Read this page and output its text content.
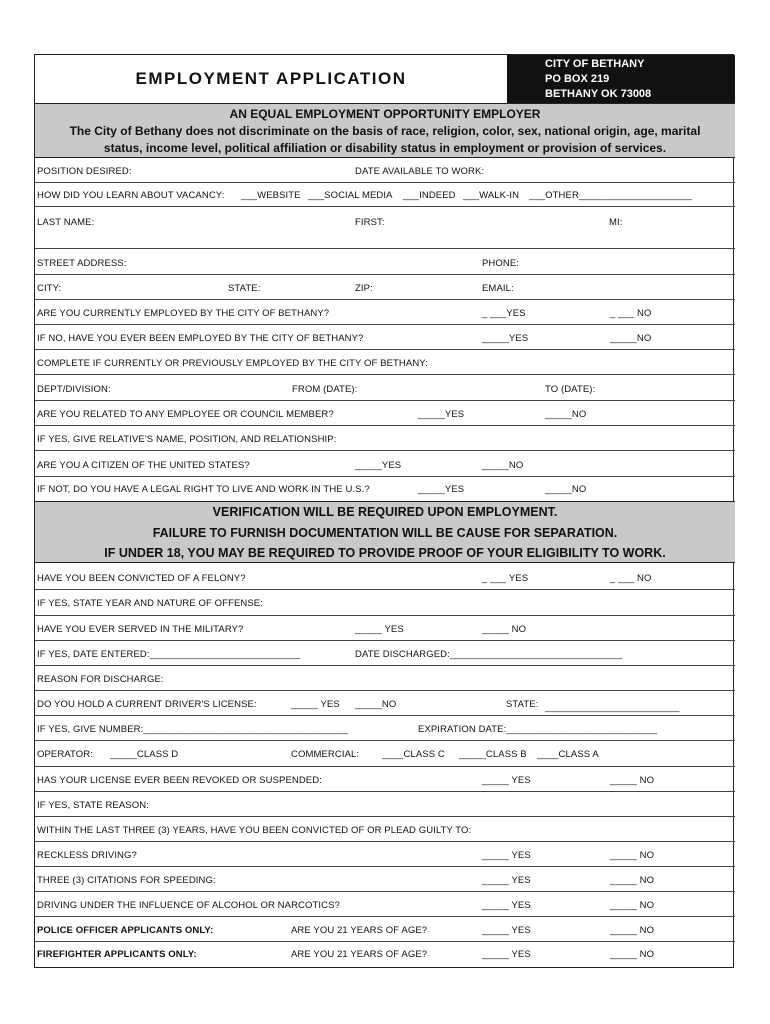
EMPLOYMENT APPLICATION
CITY OF BETHANY
PO BOX 219
BETHANY OK 73008
AN EQUAL EMPLOYMENT OPPORTUNITY EMPLOYER
The City of Bethany does not discriminate on the basis of race, religion, color, sex, national origin, age, marital
status, income level, political affiliation or disability status in employment or provision of services.
POSITION DESIRED:	DATE AVAILABLE TO WORK:
HOW DID YOU LEARN ABOUT VACANCY: ___WEBSITE ___SOCIAL MEDIA ___INDEED ___WALK-IN ___OTHER_____________________
LAST NAME:	FIRST:	MI:
STREET ADDRESS:	PHONE:
CITY:	STATE:	ZIP:	EMAIL:
ARE YOU CURRENTLY EMPLOYED BY THE CITY OF BETHANY?	_ ___YES	_ ___ NO
IF NO, HAVE YOU EVER BEEN EMPLOYED BY THE CITY OF BETHANY?	_____YES	_____NO
COMPLETE IF CURRENTLY OR PREVIOUSLY EMPLOYED BY THE CITY OF BETHANY:
DEPT/DIVISION:	FROM (DATE):	TO (DATE):
ARE YOU RELATED TO ANY EMPLOYEE OR COUNCIL MEMBER?	_____YES	_____NO
IF YES, GIVE RELATIVE'S NAME, POSITION, AND RELATIONSHIP:
ARE YOU A CITIZEN OF THE UNITED STATES?	_____YES	_____NO
IF NOT, DO YOU HAVE A LEGAL RIGHT TO LIVE AND WORK IN THE U.S.?	_____YES	_____NO
VERIFICATION WILL BE REQUIRED UPON EMPLOYMENT.
FAILURE TO FURNISH DOCUMENTATION WILL BE CAUSE FOR SEPARATION.
IF UNDER 18, YOU MAY BE REQUIRED TO PROVIDE PROOF OF YOUR ELIGIBILITY TO WORK.
HAVE YOU BEEN CONVICTED OF A FELONY?	_ ___ YES	_ ___ NO
IF YES, STATE YEAR AND NATURE OF OFFENSE:
HAVE YOU EVER SERVED IN THE MILITARY?	_____ YES	_____ NO
IF YES, DATE ENTERED:____________________________	DATE DISCHARGED:________________________________
REASON FOR DISCHARGE:
DO YOU HOLD A CURRENT DRIVER'S LICENSE:	_____ YES _____NO	STATE: _________________________
IF YES, GIVE NUMBER:______________________________________	EXPIRATION DATE:____________________________
OPERATOR: _____CLASS D	COMMERCIAL: ____CLASS C _____CLASS B ____CLASS A
HAS YOUR LICENSE EVER BEEN REVOKED OR SUSPENDED:	_____ YES	_____ NO
IF YES, STATE REASON:
WITHIN THE LAST THREE (3) YEARS, HAVE YOU BEEN CONVICTED OF OR PLEAD GUILTY TO:
RECKLESS DRIVING?	_____ YES	_____ NO
THREE (3) CITATIONS FOR SPEEDING:	_____ YES	_____ NO
DRIVING UNDER THE INFLUENCE OF ALCOHOL OR NARCOTICS?	_____ YES	_____ NO
POLICE OFFICER APPLICANTS ONLY:	ARE YOU 21 YEARS OF AGE?	_____ YES	_____ NO
FIREFIGHTER APPLICANTS ONLY:	ARE YOU 21 YEARS OF AGE?	_____ YES	_____ NO
